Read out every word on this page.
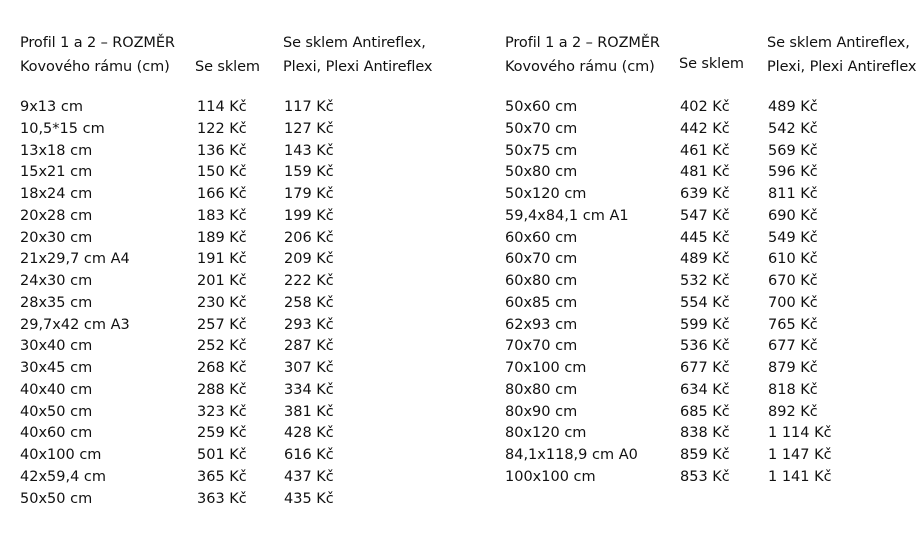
Profil 1 a 2 – ROZMĚR
Kovového rámu (cm) Se sklem
Se sklem Antireflex,
Plexi, Plexi Antireflex
9x13 cm	114 Kč	117 Kč
10,5*15 cm	122 Kč	127 Kč
13x18 cm	136 Kč	143 Kč
15x21 cm	150 Kč	159 Kč
18x24 cm	166 Kč	179 Kč
20x28 cm	183 Kč	199 Kč
20x30 cm	189 Kč	206 Kč
21x29,7 cm A4	191 Kč	209 Kč
24x30 cm	201 Kč	222 Kč
28x35 cm	230 Kč	258 Kč
29,7x42 cm A3	257 Kč	293 Kč
30x40 cm	252 Kč	287 Kč
30x45 cm	268 Kč	307 Kč
40x40 cm	288 Kč	334 Kč
40x50 cm	323 Kč	381 Kč
40x60 cm	259 Kč	428 Kč
40x100 cm	501 Kč	616 Kč
42x59,4 cm	365 Kč	437 Kč
50x50 cm	363 Kč	435 Kč
Profil 1 a 2 – ROZMĚR
Kovového rámu (cm) Se sklem
Se sklem Antireflex,
Plexi, Plexi Antireflex
50x60 cm	402 Kč	489 Kč
50x70 cm	442 Kč	542 Kč
50x75 cm	461 Kč	569 Kč
50x80 cm	481 Kč	596 Kč
50x120 cm	639 Kč	811 Kč
59,4x84,1 cm A1	547 Kč	690 Kč
60x60 cm	445 Kč	549 Kč
60x70 cm	489 Kč	610 Kč
60x80 cm	532 Kč	670 Kč
60x85 cm	554 Kč	700 Kč
62x93 cm	599 Kč	765 Kč
70x70 cm	536 Kč	677 Kč
70x100 cm	677 Kč	879 Kč
80x80 cm	634 Kč	818 Kč
80x90 cm	685 Kč	892 Kč
80x120 cm	838 Kč	1 114 Kč
84,1x118,9 cm A0	859 Kč	1 147 Kč
100x100 cm	853 Kč	1 141 Kč
